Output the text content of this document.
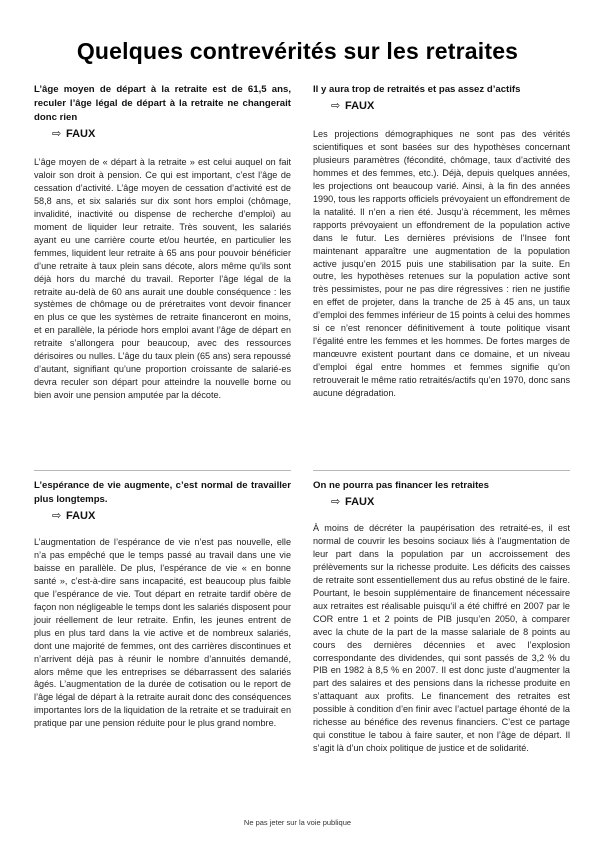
Quelques contrevérités sur les retraites

L’âge moyen de départ à la retraite est de 61,5 ans, reculer l’âge légal de départ à la retraite ne changerait donc rien

⇨ FAUX

L’âge moyen de « départ à la retraite » est celui auquel on fait valoir son droit à pension. Ce qui est important, c’est l’âge de cessation d’activité. L’âge moyen de cessation d’activité est de 58,8 ans, et six salariés sur dix sont hors emploi (chômage, invalidité, inactivité ou dispense de recherche d’emploi) au moment de liquider leur retraite. Très souvent, les salariés ayant eu une carrière courte et/ou heurtée, en particulier les femmes, liquident leur retraite à 65 ans pour pouvoir bénéficier d’une retraite à taux plein sans décote, alors même qu’ils sont déjà hors du marché du travail. Reporter l’âge légal de la retraite au-delà de 60 ans aurait une double conséquence : les systèmes de chômage ou de préretraites vont devoir financer en plus ce que les systèmes de retraite financeront en moins, et en parallèle, la période hors emploi avant l’âge de départ en retraite s’allongera pour beaucoup, avec des ressources dérisoires ou nulles. L’âge du taux plein (65 ans) sera repoussé d’autant, signifiant qu’une proportion croissante de salarié-es devra reculer son départ pour atteindre la nouvelle borne ou bien avoir une pension amputée par la décote.

Il y aura trop de retraités et pas assez d’actifs

⇨ FAUX

Les projections démographiques ne sont pas des vérités scientifiques et sont basées sur des hypothèses concernant plusieurs paramètres (fécondité, chômage, taux d’activité des hommes et des femmes, etc.). Déjà, depuis quelques années, les projections ont beaucoup varié. Ainsi, à la fin des années 1990, tous les rapports officiels prévoyaient un effondrement de la natalité. Il n’en a rien été. Jusqu’à récemment, les mêmes rapports prévoyaient un effondrement de la population active dans le futur. Les dernières prévisions de l’Insee font maintenant apparaître une augmentation de la population active jusqu’en 2015 puis une stabilisation par la suite. En outre, les hypothèses retenues sur la population active sont très pessimistes, pour ne pas dire régressives : rien ne justifie en effet de projeter, dans la tranche de 25 à 45 ans, un taux d’emploi des femmes inférieur de 15 points à celui des hommes si ce n’est renoncer définitivement à toute politique visant l’égalité entre les femmes et les hommes. De fortes marges de manœuvre existent pourtant dans ce domaine, et un niveau d’emploi égal entre hommes et femmes signifie qu’on retrouverait le même ratio retraités/actifs qu’en 1970, donc sans aucune dégradation.

L’espérance de vie augmente, c’est normal de travailler plus longtemps.

⇨ FAUX

L’augmentation de l’espérance de vie n’est pas nouvelle, elle n’a pas empêché que le temps passé au travail dans une vie baisse en parallèle. De plus, l’espérance de vie « en bonne santé », c’est-à-dire sans incapacité, est beaucoup plus faible que l’espérance de vie. Tout départ en retraite tardif obère de façon non négligeable le temps dont les salariés disposent pour jouir réellement de leur retraite. Enfin, les jeunes entrent de plus en plus tard dans la vie active et de nombreux salariés, dont une majorité de femmes, ont des carrières discontinues et n’arrivent déjà pas à réunir le nombre d’annuités demandé, alors même que les entreprises se débarrassent des salariés âgés. L’augmentation de la durée de cotisation ou le report de l’âge légal de départ à la retraite aurait donc des conséquences importantes lors de la liquidation de la retraite et se traduirait en pratique par une pension réduite pour le plus grand nombre.

On ne pourra pas financer les retraites

⇨ FAUX

À moins de décréter la paupérisation des retraité-es, il est normal de couvrir les besoins sociaux liés à l’augmentation de leur part dans la population par un accroissement des prélèvements sur la richesse produite. Les déficits des caisses de retraite sont essentiellement dus au refus obstiné de le faire. Pourtant, le besoin supplémentaire de financement nécessaire aux retraites est réalisable puisqu’il a été chiffré en 2007 par le COR entre 1 et 2 points de PIB jusqu’en 2050, à comparer avec la chute de la part de la masse salariale de 8 points au cours des dernières décennies et avec l’explosion correspondante des dividendes, qui sont passés de 3,2 % du PIB en 1982 à 8,5 % en 2007. Il est donc juste d’augmenter la part des salaires et des pensions dans la richesse produite en s’attaquant aux profits. Le financement des retraites est possible à condition d’en finir avec l’actuel partage éhonté de la richesse au bénéfice des revenus financiers. C’est ce partage qui constitue le tabou à faire sauter, et non l’âge de départ. Il s’agit là d’un choix politique de justice et de solidarité.

Ne pas jeter sur la voie publique
